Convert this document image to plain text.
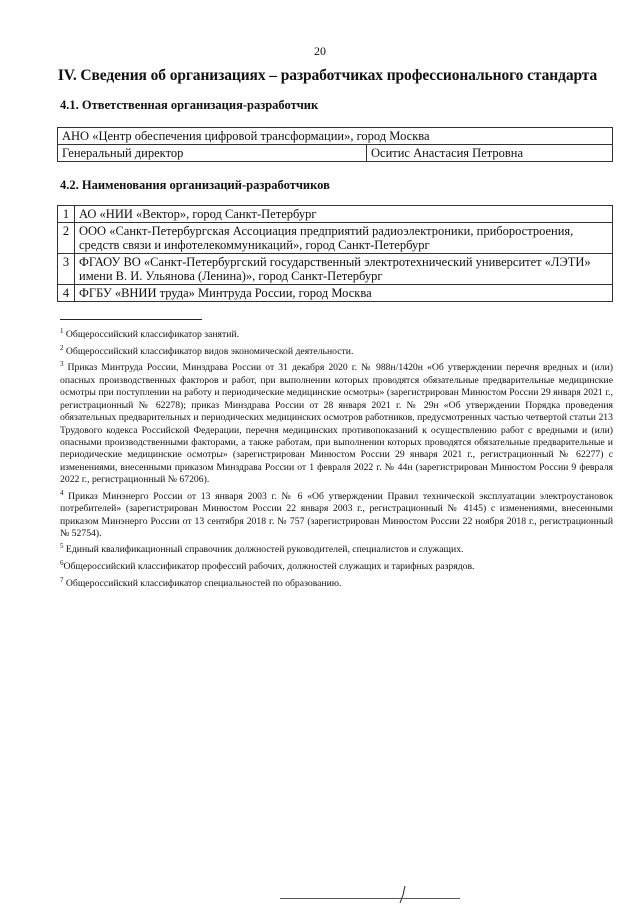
20
IV. Сведения об организациях – разработчиках профессионального стандарта
4.1. Ответственная организация-разработчик
АНО «Центр обеспечения цифровой трансформации», город Москва
Генеральный директор	Оситис Анастасия Петровна
4.2. Наименования организаций-разработчиков
1	АО «НИИ «Вектор», город Санкт-Петербург
2	ООО «Санкт-Петербургская Ассоциация предприятий радиоэлектроники, приборостроения, средств связи и инфотелекоммуникаций», город Санкт-Петербург
3	ФГАОУ ВО «Санкт-Петербургский государственный электротехнический университет «ЛЭТИ» имени В. И. Ульянова (Ленина)», город Санкт-Петербург
4	ФГБУ «ВНИИ труда» Минтруда России, город Москва

$^1$ Общероссийский классификатор занятий.

$^2$ Общероссийский классификатор видов экономической деятельности.

$^3$ Приказ Минтруда России, Минздрава России от 31 декабря 2020 г. № 988н/1420н «Об утверждении перечня вредных и (или) опасных производственных факторов и работ, при выполнении которых проводятся обязательные предварительные медицинские осмотры при поступлении на работу и периодические медицинские осмотры» (зарегистрирован Минюстом России 29 января 2021 г., регистрационный № 62278); приказ Минздрава России от 28 января 2021 г. № 29н «Об утверждении Порядка проведения обязательных предварительных и периодических медицинских осмотров работников, предусмотренных частью четвертой статьи 213 Трудового кодекса Российской Федерации, перечня медицинских противопоказаний к осуществлению работ с вредными и (или) опасными производственными факторами, а также работам, при выполнении которых проводятся обязательные предварительные и периодические медицинские осмотры» (зарегистрирован Минюстом России 29 января 2021 г., регистрационный № 62277) с изменениями, внесенными приказом Минздрава России от 1 февраля 2022 г. № 44н (зарегистрирован Минюстом России 9 февраля 2022 г., регистрационный № 67206).

$^4$ Приказ Минэнерго России от 13 января 2003 г. № 6 «Об утверждении Правил технической эксплуатации электроустановок потребителей» (зарегистрирован Минюстом России 22 января 2003 г., регистрационный № 4145) с изменениями, внесенными приказом Минэнерго России от 13 сентября 2018 г. № 757 (зарегистрирован Минюстом России 22 ноября 2018 г., регистрационный № 52754).

$^5$ Единый квалификационный справочник должностей руководителей, специалистов и служащих.

$^6$Общероссийский классификатор профессий рабочих, должностей служащих и тарифных разрядов.

$^7$ Общероссийский классификатор специальностей по образованию.
